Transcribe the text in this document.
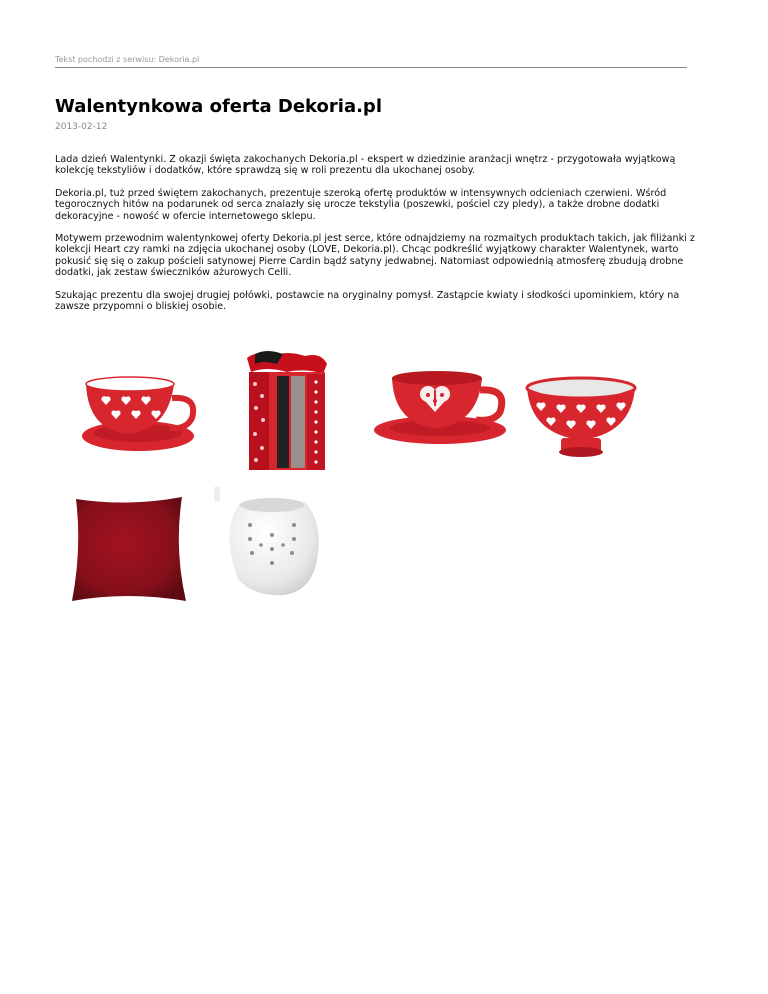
Tekst pochodzi z serwisu: Dekoria.pl
Walentynkowa oferta Dekoria.pl
2013-02-12

Lada dzień Walentynki. Z okazji święta zakochanych Dekoria.pl - ekspert w dziedzinie aranżacji wnętrz - przygotowała wyjątkową kolekcję tekstyliów i dodatków, które sprawdzą się w roli prezentu dla ukochanej osoby.

Dekoria.pl, tuż przed świętem zakochanych, prezentuje szeroką ofertę produktów w intensywnych odcieniach czerwieni. Wśród tegorocznych hitów na podarunek od serca znalazły się urocze tekstylia (poszewki, pościel czy pledy), a także drobne dodatki dekoracyjne - nowość w ofercie internetowego sklepu.

Motywem przewodnim walentynkowej oferty Dekoria.pl jest serce, które odnajdziemy na rozmaitych produktach takich, jak filiżanki z kolekcji Heart czy ramki na zdjęcia ukochanej osoby (LOVE, Dekoria.pl). Chcąc podkreślić wyjątkowy charakter Walentynek, warto pokusić się się o zakup pościeli satynowej Pierre Cardin bądź satyny jedwabnej. Natomiast odpowiednią atmosferę zbudują drobne dodatki, jak zestaw świeczników ażurowych Celli.

Szukając prezentu dla swojej drugiej połówki, postawcie na oryginalny pomysł. Zastąpcie kwiaty i słodkości upominkiem, który na zawsze przypomni o bliskiej osobie.
